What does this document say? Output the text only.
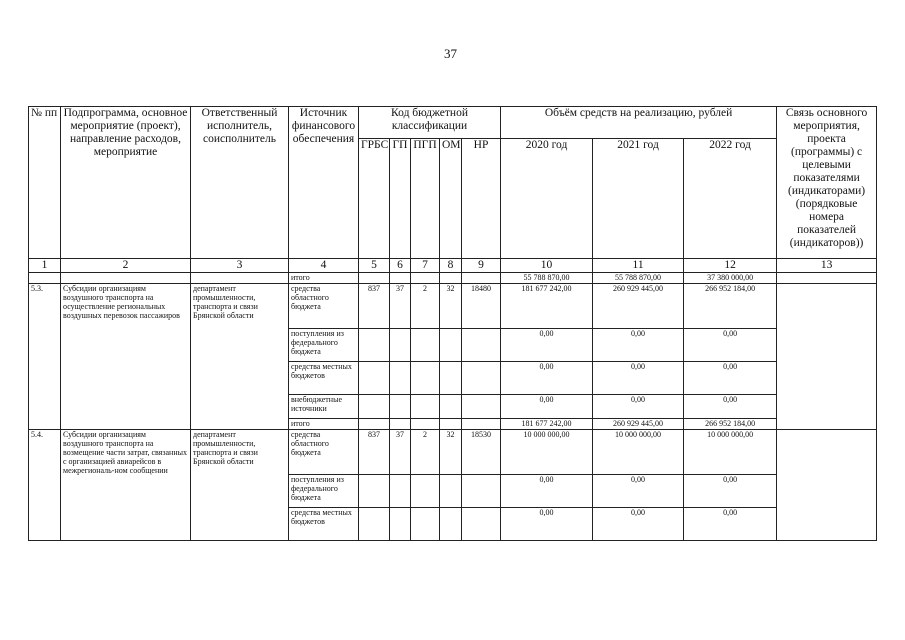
37
№ пп	Подпрограмма, основное мероприятие (проект), направление расходов, мероприятие	Ответственный исполнитель, соисполнитель	Источник финансового обеспечения	Код бюджетной классификации					Объём средств на реализацию, рублей			Связь основного мероприятия, проекта (программы) с целевыми показателями (индикаторами) (порядковые номера показателей (индикаторов))
				ГРБС	ГП	ПГП	ОМ	НР	2020 год	2021 год	2022 год	
1	2	3	4	5	6	7	8	9	10	11	12	13
			итого						55 788 870,00	55 788 870,00	37 380 000,00	
5.3.	Субсидии организациям воздушного транспорта на осуществление региональных воздушных перевозок пассажиров	департамент промышленности, транспорта и связи Брянской области	средства областного бюджета	837	37	2	32	18480	181 677 242,00	260 929 445,00	266 952 184,00	
			поступления из федерального бюджета						0,00	0,00	0,00	
			средства местных бюджетов						0,00	0,00	0,00	
			внебюджетные источники						0,00	0,00	0,00	
			итого						181 677 242,00	260 929 445,00	266 952 184,00	
5.4.	Субсидии организациям воздушного транспорта на возмещение части затрат, связанных с организацией авиарейсов в межрегиональ-ном сообщении	департамент промышленности, транспорта и связи Брянской области	средства областного бюджета	837	37	2	32	18530	10 000 000,00	10 000 000,00	10 000 000,00	
			поступления из федерального бюджета						0,00	0,00	0,00	
			средства местных бюджетов						0,00	0,00	0,00	
